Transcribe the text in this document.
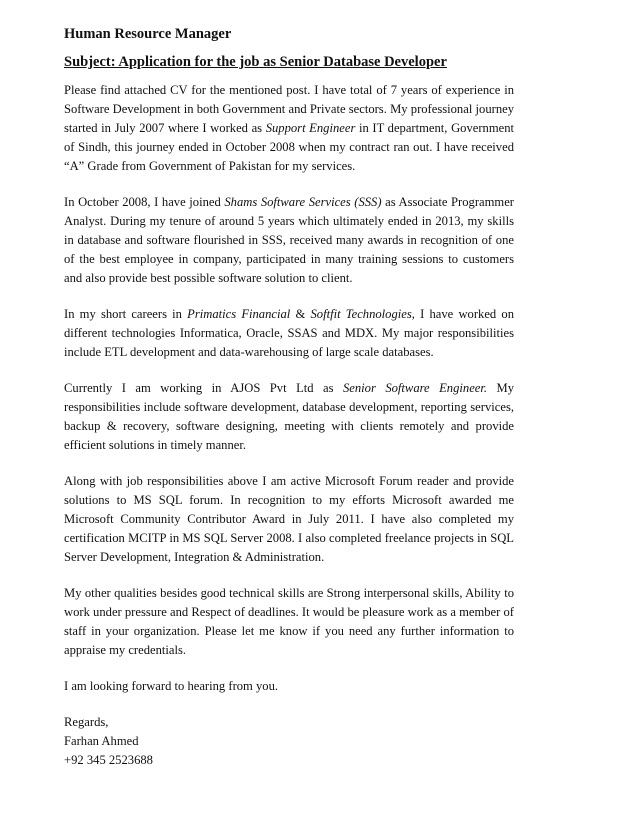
Human Resource Manager
Subject: Application for the job as Senior Database Developer

Please find attached CV for the mentioned post. I have total of 7 years of experience in Software Development in both Government and Private sectors. My professional journey started in July 2007 where I worked as Support Engineer in IT department, Government of Sindh, this journey ended in October 2008 when my contract ran out. I have received “A” Grade from Government of Pakistan for my services.

In October 2008, I have joined Shams Software Services (SSS) as Associate Programmer Analyst. During my tenure of around 5 years which ultimately ended in 2013, my skills in database and software flourished in SSS, received many awards in recognition of one of the best employee in company, participated in many training sessions to customers and also provide best possible software solution to client.

In my short careers in Primatics Financial & Softfit Technologies, I have worked on different technologies Informatica, Oracle, SSAS and MDX. My major responsibilities include ETL development and data-warehousing of large scale databases.

Currently I am working in AJOS Pvt Ltd as Senior Software Engineer. My responsibilities include software development, database development, reporting services, backup & recovery, software designing, meeting with clients remotely and provide efficient solutions in timely manner.

Along with job responsibilities above I am active Microsoft Forum reader and provide solutions to MS SQL forum. In recognition to my efforts Microsoft awarded me Microsoft Community Contributor Award in July 2011. I have also completed my certification MCITP in MS SQL Server 2008. I also completed freelance projects in SQL Server Development, Integration & Administration.

My other qualities besides good technical skills are Strong interpersonal skills, Ability to work under pressure and Respect of deadlines. It would be pleasure work as a member of staff in your organization. Please let me know if you need any further information to appraise my credentials.

I am looking forward to hearing from you.
Regards,
Farhan Ahmed
+92 345 2523688
